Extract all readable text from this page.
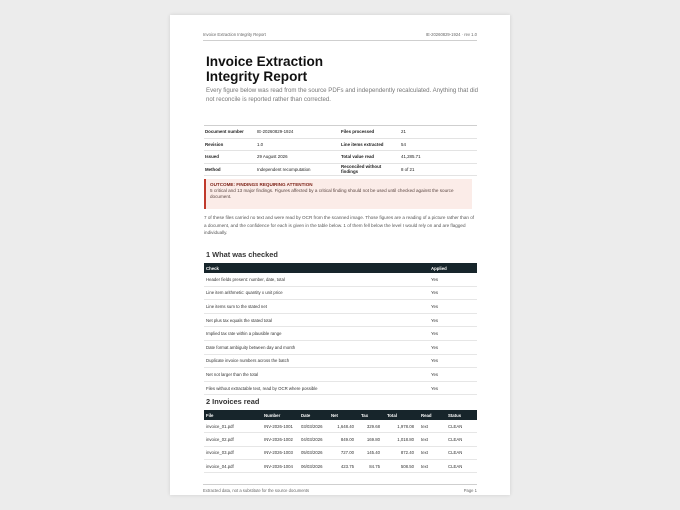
Invoice Extraction Integrity Report	IE-20260829-1924 · rev 1.0
Invoice Extraction
Integrity Report
Every figure below was read from the source PDFs and independently recalculated. Anything that did not reconcile is reported rather than corrected.
Document number	IE-20260829-1924	Files processed	21
Revision	1.0	Line items extracted	54
Issued	29 August 2026	Total value read	41,285.71
Method	Independent recomputation	Reconciled without findings	8 of 21
OUTCOME: FINDINGS REQUIRING ATTENTION
5 critical and 13 major findings. Figures affected by a critical finding should not be used until checked against the source document.
7 of these files carried no text and were read by OCR from the scanned image. Those figures are a reading of a picture rather than of a document, and the confidence for each is given in the table below. 1 of them fell below the level I would rely on and are flagged individually.
1 What was checked
Check	Applied
Header fields present: number, date, total	Yes
Line item arithmetic: quantity x unit price	Yes
Line items sum to the stated net	Yes
Net plus tax equals the stated total	Yes
Implied tax rate within a plausible range	Yes
Date format ambiguity between day and month	Yes
Duplicate invoice numbers across the batch	Yes
Net not larger than the total	Yes
Files without extractable text, read by OCR where possible	Yes
2 Invoices read
File	Number	Date	Net	Tax	Total	Read	Status
invoice_01.pdf	INV-2026-1001	03/03/2026	1,648.40	329.68	1,978.08	text	CLEAN
invoice_02.pdf	INV-2026-1002	04/03/2026	849.00	169.80	1,018.80	text	CLEAN
invoice_03.pdf	INV-2026-1003	05/03/2026	727.00	145.40	872.40	text	CLEAN
invoice_04.pdf	INV-2026-1004	06/03/2026	423.75	84.75	508.50	text	CLEAN
Extracted data, not a substitute for the source documents	Page 1
